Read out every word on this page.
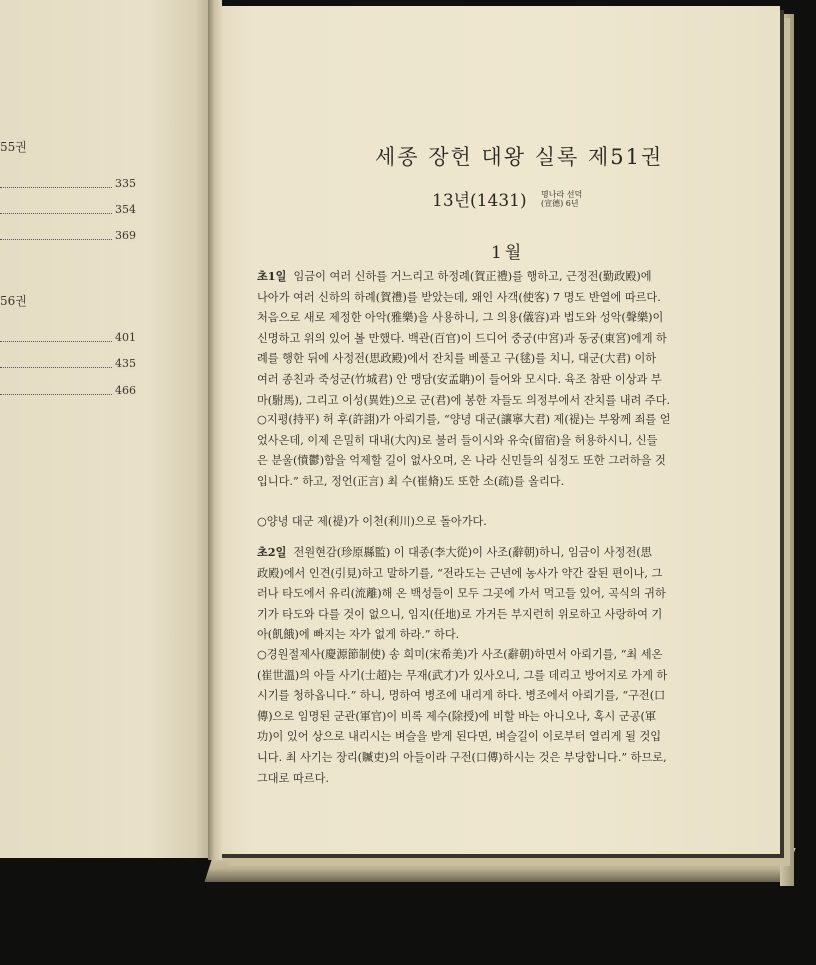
55권
335
354
369
56권
401
435
466
세종 장헌 대왕 실록 제51권
13년(1431) 명나라 선덕
(宣德) 6년
1월

초1일 임금이 여러 신하를 거느리고 하정례(賀正禮)를 행하고, 근정전(勤政殿)에

나아가 여러 신하의 하례(賀禮)를 받았는데, 왜인 사객(使客) 7 명도 반열에 따르다.

처음으로 새로 제정한 아악(雅樂)을 사용하니, 그 의용(儀容)과 법도와 성악(聲樂)이

신명하고 위의 있어 볼 만했다. 백관(百官)이 드디어 중궁(中宮)과 동궁(東宮)에게 하

례를 행한 뒤에 사정전(思政殿)에서 잔치를 베풀고 구(毬)를 치니, 대군(大君) 이하

여러 종친과 죽성군(竹城君) 안 맹담(安孟聃)이 들어와 모시다. 육조 참판 이상과 부

마(駙馬), 그리고 이성(異姓)으로 군(君)에 봉한 자들도 의정부에서 잔치를 내려 주다.

○지평(持平) 허 후(許詡)가 아뢰기를, “양녕 대군(讓寧大君) 제(禔)는 부왕께 죄를 얻

었사온데, 이제 은밀히 대내(大內)로 불러 들이시와 유숙(留宿)을 허용하시니, 신들

은 분울(憤鬱)함을 억제할 길이 없사오며, 온 나라 신민들의 심정도 또한 그러하을 것

입니다.” 하고, 정언(正言) 최 수(崔脩)도 또한 소(疏)를 올리다.

○양녕 대군 제(禔)가 이천(利川)으로 돌아가다.

초2일 전원현감(珍原縣監) 이 대종(李大從)이 사조(辭朝)하니, 임금이 사정전(思

政殿)에서 인견(引見)하고 말하기를, “전라도는 근년에 농사가 약간 잘된 편이나, 그

러나 타도에서 유리(流離)해 온 백성들이 모두 그곳에 가서 먹고들 있어, 곡식의 귀하

기가 타도와 다를 것이 없으니, 임지(任地)로 가거든 부지런히 위로하고 사랑하여 기

아(飢餓)에 빠지는 자가 없게 하라.” 하다.

○경원절제사(慶源節制使) 송 희미(宋希美)가 사조(辭朝)하면서 아뢰기를, “최 세온

(崔世溫)의 아들 사기(士超)는 무재(武才)가 있사오니, 그를 데리고 방어지로 가게 하

시기를 청하옵니다.” 하니, 명하여 병조에 내리게 하다. 병조에서 아뢰기를, “구전(口

傳)으로 임명된 군관(軍官)이 비록 제수(除授)에 비할 바는 아니오나, 혹시 군공(軍

功)이 있어 상으로 내리시는 벼슬을 받게 된다면, 벼슬길이 이로부터 열리게 될 것입

니다. 최 사기는 장리(贓吏)의 아들이라 구전(口傳)하시는 것은 부당합니다.” 하므로,

그대로 따르다.
